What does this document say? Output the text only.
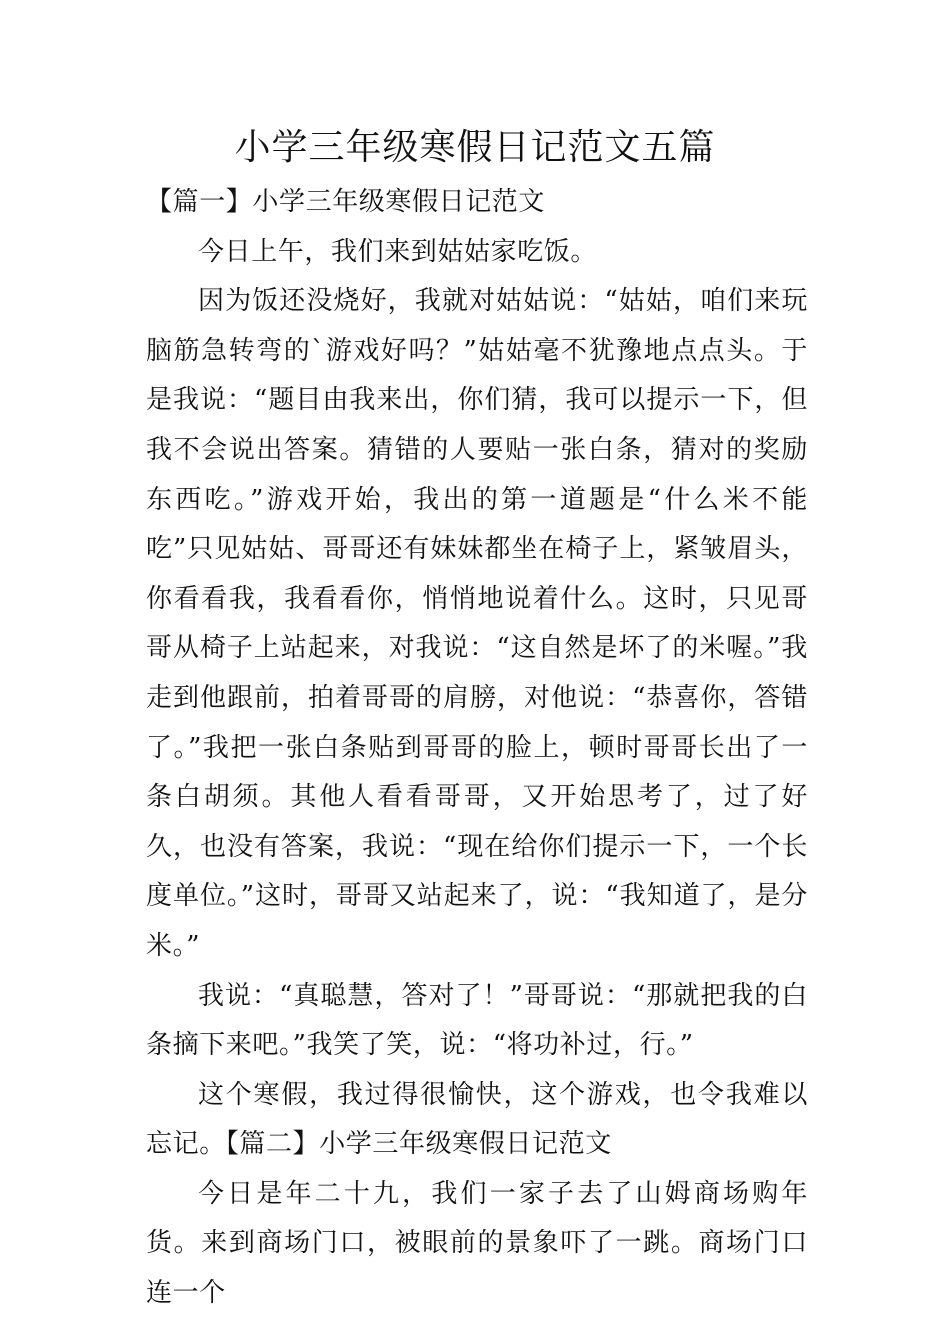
小学三年级寒假日记范文五篇

【篇一】小学三年级寒假日记范文

今日上午，我们来到姑姑家吃饭。

因为饭还没烧好，我就对姑姑说：“姑姑，咱们来玩脑筋急转弯的`游戏好吗？”姑姑毫不犹豫地点点头。于是我说：“题目由我来出，你们猜，我可以提示一下，但我不会说出答案。猜错的人要贴一张白条，猜对的奖励东西吃。”游戏开始，我出的第一道题是“什么米不能吃”只见姑姑、哥哥还有妹妹都坐在椅子上，紧皱眉头，你看看我，我看看你，悄悄地说着什么。这时，只见哥哥从椅子上站起来，对我说：“这自然是坏了的米喔。”我走到他跟前，拍着哥哥的肩膀，对他说：“恭喜你，答错了。”我把一张白条贴到哥哥的脸上，顿时哥哥长出了一条白胡须。其他人看看哥哥，又开始思考了，过了好久，也没有答案，我说：“现在给你们提示一下，一个长度单位。”这时，哥哥又站起来了，说：“我知道了，是分米。”

我说：“真聪慧，答对了！”哥哥说：“那就把我的白条摘下来吧。”我笑了笑，说：“将功补过，行。”

这个寒假，我过得很愉快，这个游戏，也令我难以忘记。【篇二】小学三年级寒假日记范文

今日是年二十九，我们一家子去了山姆商场购年货。来到商场门口，被眼前的景象吓了一跳。商场门口连一个
